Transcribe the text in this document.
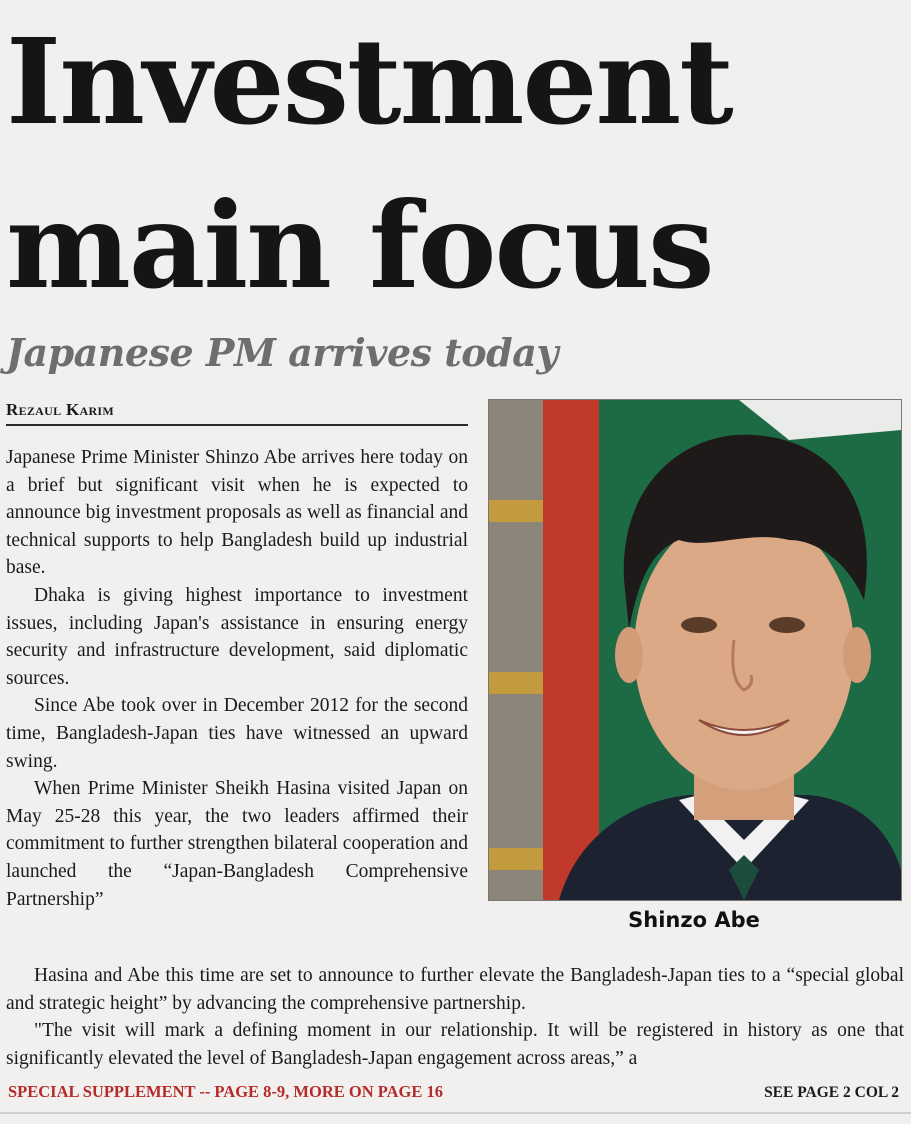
Investment
main focus
Japanese PM arrives today
Rezaul Karim

Japanese Prime Minister Shinzo Abe arrives here today on a brief but significant visit when he is expected to announce big investment proposals as well as financial and technical supports to help Bangladesh build up industrial base.

Dhaka is giving highest importance to investment issues, including Japan's assistance in ensuring energy security and infrastructure development, said diplomatic sources.

Since Abe took over in December 2012 for the second time, Bangladesh-Japan ties have witnessed an upward swing.

When Prime Minister Sheikh Hasina visited Japan on May 25-28 this year, the two leaders affirmed their commitment to further strengthen bilateral cooperation and launched the “Japan-Bangladesh Comprehensive Partnership”

Shinzo Abe

Hasina and Abe this time are set to announce to further elevate the Bangladesh-Japan ties to a “special global and strategic height” by advancing the comprehensive partnership.

"The visit will mark a defining moment in our relationship. It will be registered in history as one that significantly elevated the level of Bangladesh-Japan engagement across areas,” a

SPECIAL SUPPLEMENT -- PAGE 8-9, MORE ON PAGE 16	SEE PAGE 2 COL 2
